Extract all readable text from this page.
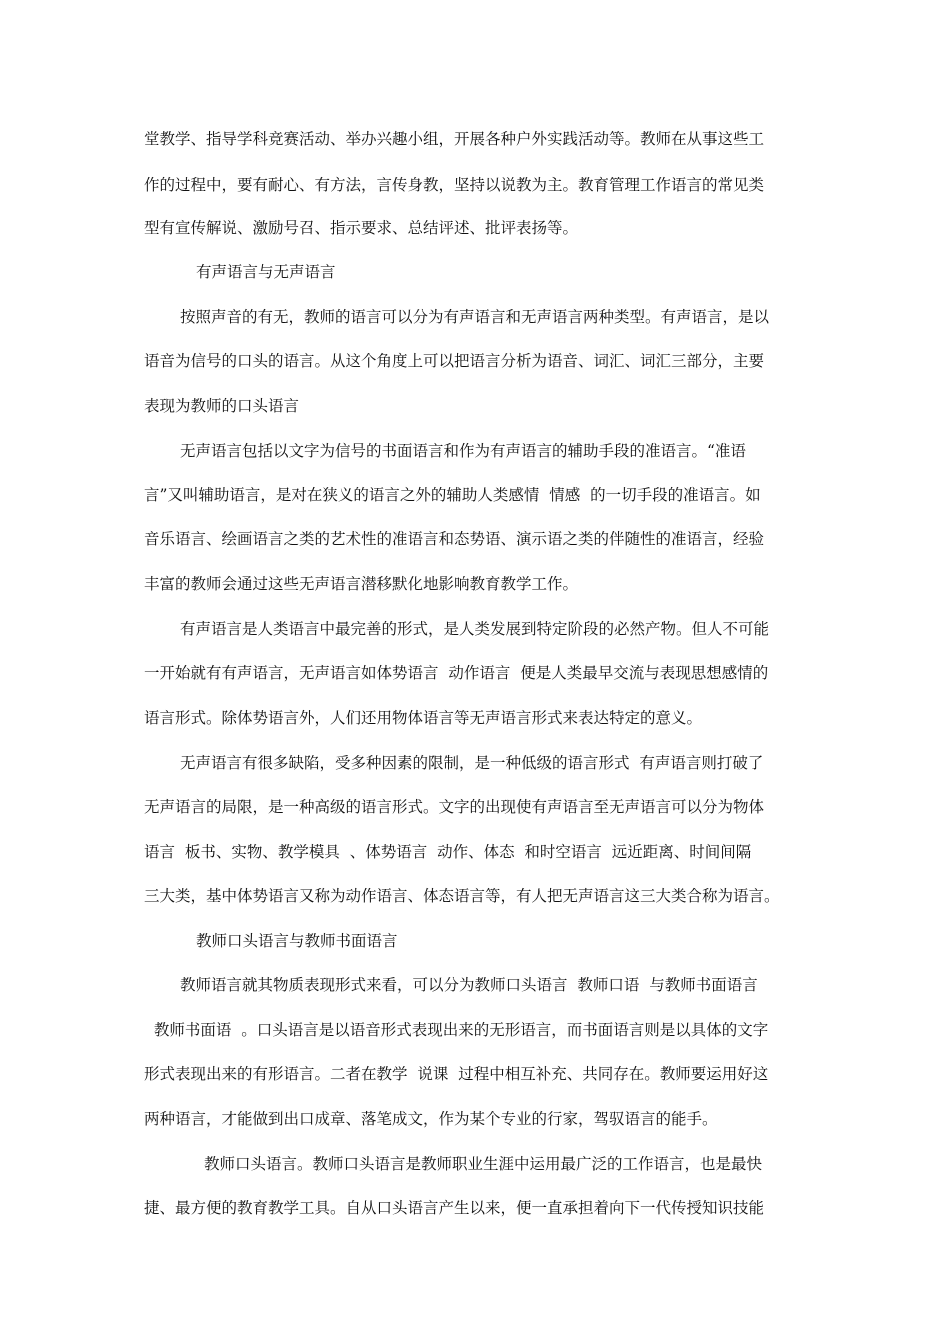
堂教学、指导学科竞赛活动、举办兴趣小组，开展各种户外实践活动等。教师在从事这些工
作的过程中，要有耐心、有方法，言传身教，坚持以说教为主。教育管理工作语言的常见类
型有宣传解说、激励号召、指示要求、总结评述、批评表扬等。
有声语言与无声语言
按照声音的有无，教师的语言可以分为有声语言和无声语言两种类型。有声语言，是以
语音为信号的口头的语言。从这个角度上可以把语言分析为语音、词汇、词汇三部分，主要
表现为教师的口头语言
无声语言包括以文字为信号的书面语言和作为有声语言的辅助手段的准语言。“准语
言”又叫辅助语言，是对在狭义的语言之外的辅助人类感情  情感  的一切手段的准语言。如
音乐语言、绘画语言之类的艺术性的准语言和态势语、演示语之类的伴随性的准语言，经验
丰富的教师会通过这些无声语言潜移默化地影响教育教学工作。
有声语言是人类语言中最完善的形式，是人类发展到特定阶段的必然产物。但人不可能
一开始就有有声语言，无声语言如体势语言  动作语言  便是人类最早交流与表现思想感情的
语言形式。除体势语言外，人们还用物体语言等无声语言形式来表达特定的意义。
无声语言有很多缺陷，受多种因素的限制，是一种低级的语言形式  有声语言则打破了
无声语言的局限，是一种高级的语言形式。文字的出现使有声语言至无声语言可以分为物体
语言  板书、实物、教学模具  、体势语言  动作、体态  和时空语言  远近距离、时间间隔
三大类，基中体势语言又称为动作语言、体态语言等，有人把无声语言这三大类合称为语言。
教师口头语言与教师书面语言
教师语言就其物质表现形式来看，可以分为教师口头语言  教师口语  与教师书面语言
教师书面语  。口头语言是以语音形式表现出来的无形语言，而书面语言则是以具体的文字
形式表现出来的有形语言。二者在教学  说课  过程中相互补充、共同存在。教师要运用好这
两种语言，才能做到出口成章、落笔成文，作为某个专业的行家，驾驭语言的能手。
教师口头语言。教师口头语言是教师职业生涯中运用最广泛的工作语言，也是最快
捷、最方便的教育教学工具。自从口头语言产生以来，便一直承担着向下一代传授知识技能
